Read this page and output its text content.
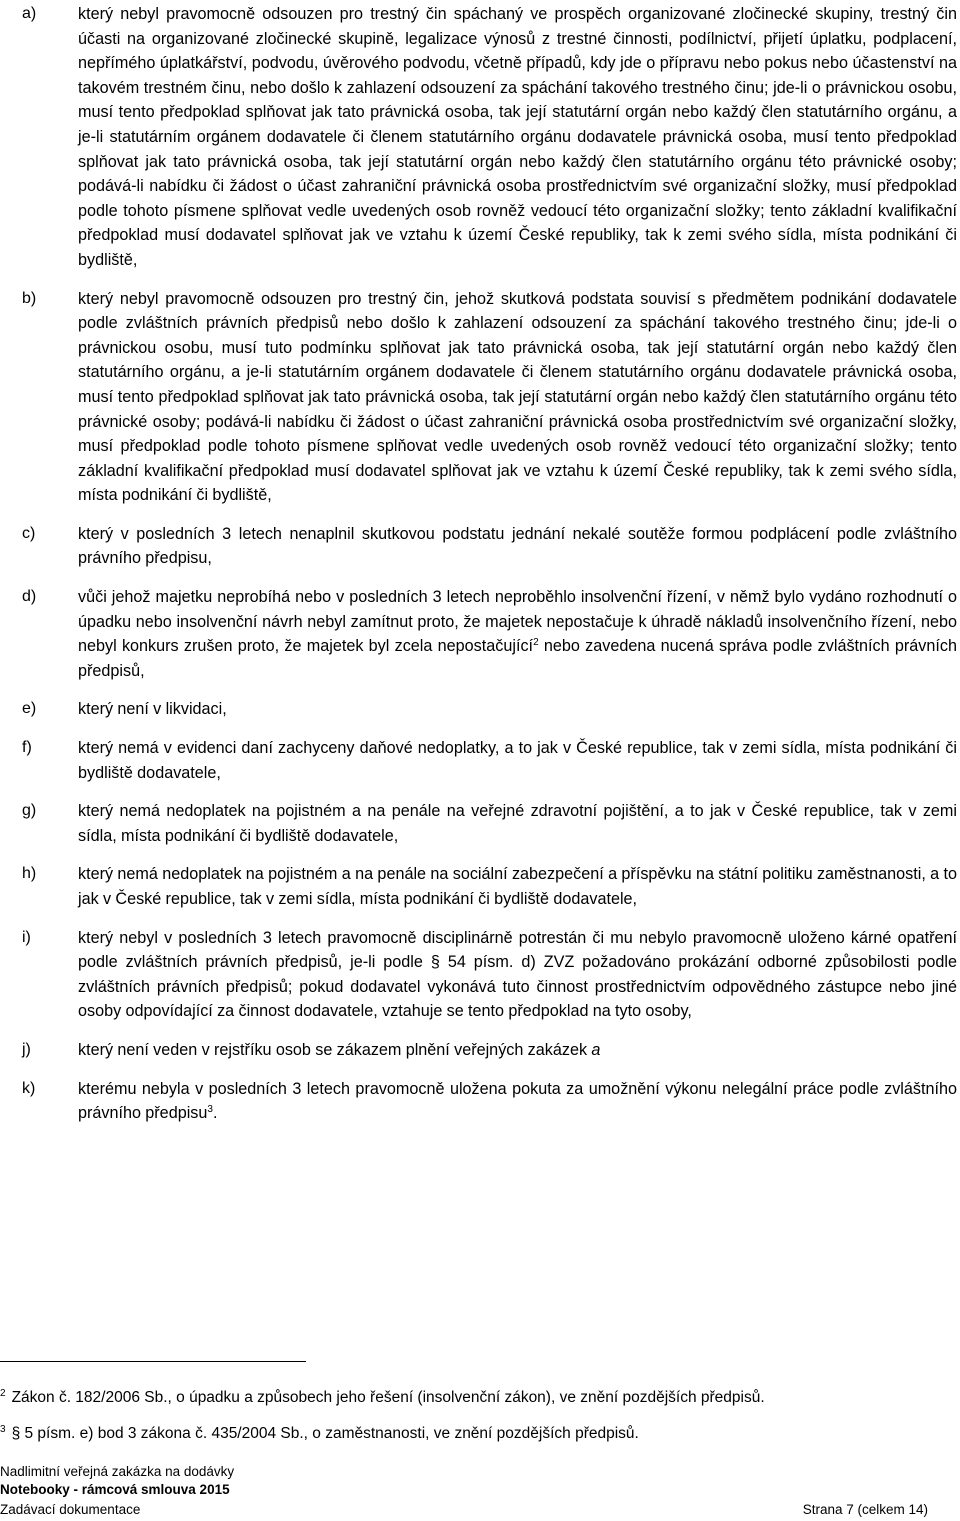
a)	který nebyl pravomocně odsouzen pro trestný čin spáchaný ve prospěch organizované zločinecké skupiny, trestný čin účasti na organizované zločinecké skupině, legalizace výnosů z trestné činnosti, podílnictví, přijetí úplatku, podplacení, nepřímého úplatkářství, podvodu, úvěrového podvodu, včetně případů, kdy jde o přípravu nebo pokus nebo účastenství na takovém trestném činu, nebo došlo k zahlazení odsouzení za spáchání takového trestného činu; jde-li o právnickou osobu, musí tento předpoklad splňovat jak tato právnická osoba, tak její statutární orgán nebo každý člen statutárního orgánu, a je-li statutárním orgánem dodavatele či členem statutárního orgánu dodavatele právnická osoba, musí tento předpoklad splňovat jak tato právnická osoba, tak její statutární orgán nebo každý člen statutárního orgánu této právnické osoby; podává-li nabídku či žádost o účast zahraniční právnická osoba prostřednictvím své organizační složky, musí předpoklad podle tohoto písmene splňovat vedle uvedených osob rovněž vedoucí této organizační složky; tento základní kvalifikační předpoklad musí dodavatel splňovat jak ve vztahu k území České republiky, tak k zemi svého sídla, místa podnikání či bydliště,
b)	který nebyl pravomocně odsouzen pro trestný čin, jehož skutková podstata souvisí s předmětem podnikání dodavatele podle zvláštních právních předpisů nebo došlo k zahlazení odsouzení za spáchání takového trestného činu; jde-li o právnickou osobu, musí tuto podmínku splňovat jak tato právnická osoba, tak její statutární orgán nebo každý člen statutárního orgánu, a je-li statutárním orgánem dodavatele či členem statutárního orgánu dodavatele právnická osoba, musí tento předpoklad splňovat jak tato právnická osoba, tak její statutární orgán nebo každý člen statutárního orgánu této právnické osoby; podává-li nabídku či žádost o účast zahraniční právnická osoba prostřednictvím své organizační složky, musí předpoklad podle tohoto písmene splňovat vedle uvedených osob rovněž vedoucí této organizační složky; tento základní kvalifikační předpoklad musí dodavatel splňovat jak ve vztahu k území České republiky, tak k zemi svého sídla, místa podnikání či bydliště,
c)	který v posledních 3 letech nenaplnil skutkovou podstatu jednání nekalé soutěže formou podplácení podle zvláštního právního předpisu,
d)	vůči jehož majetku neprobíhá nebo v posledních 3 letech neproběhlo insolvenční řízení, v němž bylo vydáno rozhodnutí o úpadku nebo insolvenční návrh nebyl zamítnut proto, že majetek nepostačuje k úhradě nákladů insolvenčního řízení, nebo nebyl konkurs zrušen proto, že majetek byl zcela nepostačující$^2$ nebo zavedena nucená správa podle zvláštních právních předpisů,
e)	který není v likvidaci,
f)	který nemá v evidenci daní zachyceny daňové nedoplatky, a to jak v České republice, tak v zemi sídla, místa podnikání či bydliště dodavatele,
g)	který nemá nedoplatek na pojistném a na penále na veřejné zdravotní pojištění, a to jak v České republice, tak v zemi sídla, místa podnikání či bydliště dodavatele,
h)	který nemá nedoplatek na pojistném a na penále na sociální zabezpečení a příspěvku na státní politiku zaměstnanosti, a to jak v České republice, tak v zemi sídla, místa podnikání či bydliště dodavatele,
i)	který nebyl v posledních 3 letech pravomocně disciplinárně potrestán či mu nebylo pravomocně uloženo kárné opatření podle zvláštních právních předpisů, je-li podle § 54 písm. d) ZVZ požadováno prokázání odborné způsobilosti podle zvláštních právních předpisů; pokud dodavatel vykonává tuto činnost prostřednictvím odpovědného zástupce nebo jiné osoby odpovídající za činnost dodavatele, vztahuje se tento předpoklad na tyto osoby,
j)	který není veden v rejstříku osob se zákazem plnění veřejných zakázek a
k)	kterému nebyla v posledních 3 letech pravomocně uložena pokuta za umožnění výkonu nelegální práce podle zvláštního právního předpisu$^3$.

$^2$ Zákon č. 182/2006 Sb., o úpadku a způsobech jeho řešení (insolvenční zákon), ve znění pozdějších předpisů.

$^3$ § 5 písm. e) bod 3 zákona č. 435/2004 Sb., o zaměstnanosti, ve znění pozdějších předpisů.

Nadlimitní veřejná zakázka na dodávky

Notebooky - rámcová smlouva 2015

Zadávací dokumentace	Strana 7 (celkem 14)
